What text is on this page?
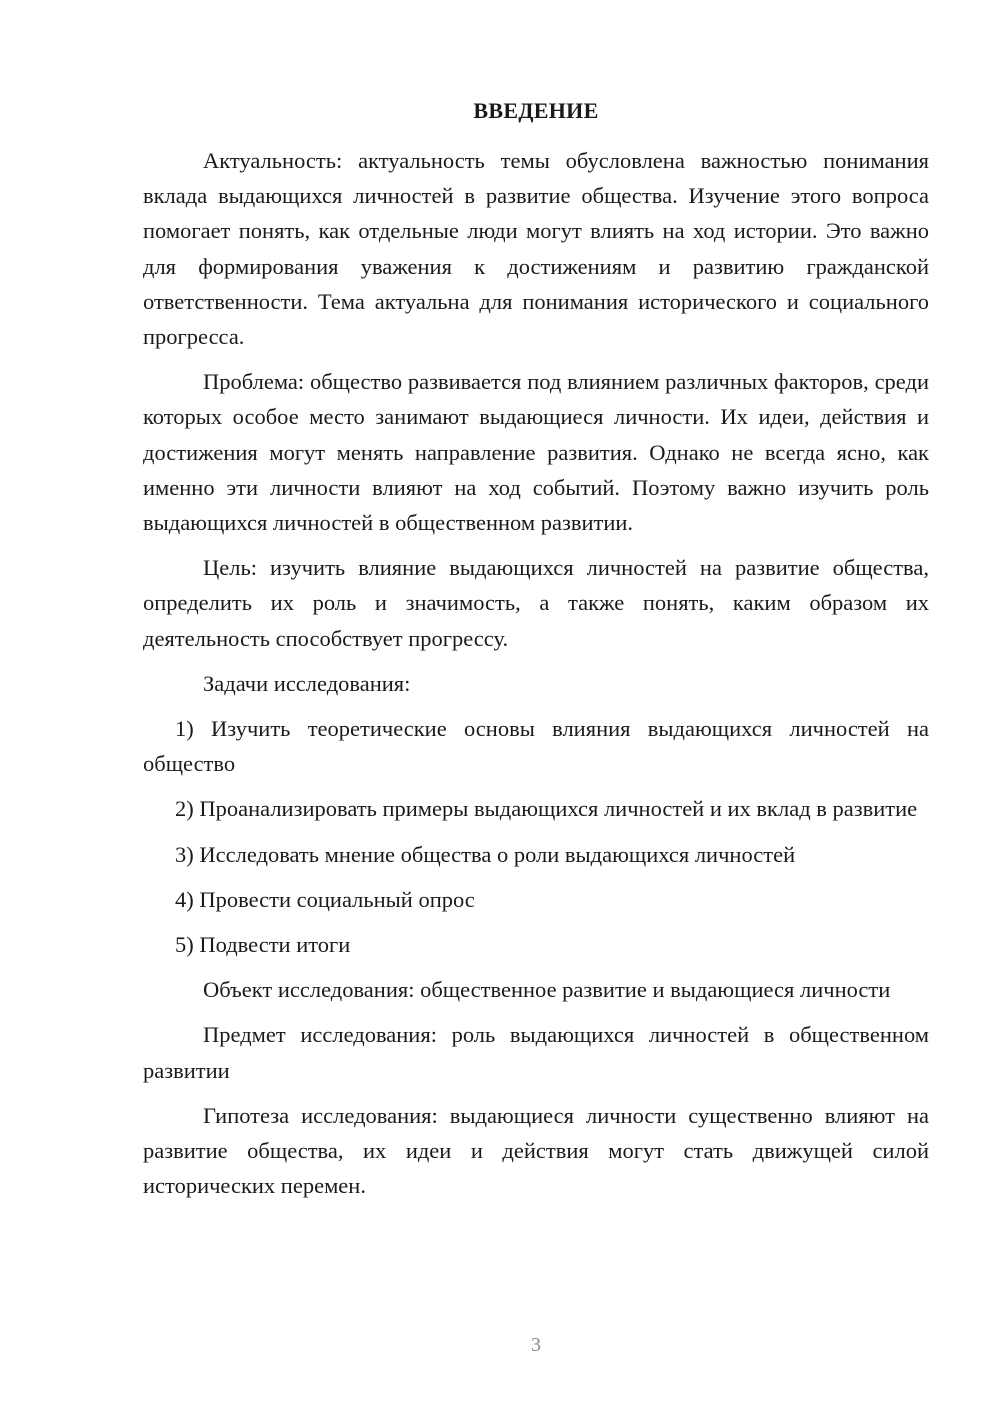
ВВЕДЕНИЕ

Актуальность: актуальность темы обусловлена важностью понимания вклада выдающихся личностей в развитие общества. Изучение этого вопроса помогает понять, как отдельные люди могут влиять на ход истории. Это важно для формирования уважения к достижениям и развитию гражданской ответственности. Тема актуальна для понимания исторического и социального прогресса.

Проблема: общество развивается под влиянием различных факторов, среди которых особое место занимают выдающиеся личности. Их идеи, действия и достижения могут менять направление развития. Однако не всегда ясно, как именно эти личности влияют на ход событий. Поэтому важно изучить роль выдающихся личностей в общественном развитии.

Цель: изучить влияние выдающихся личностей на развитие общества, определить их роль и значимость, а также понять, каким образом их деятельность способствует прогрессу.

Задачи исследования:

1) Изучить теоретические основы влияния выдающихся личностей на общество

2) Проанализировать примеры выдающихся личностей и их вклад в развитие

3) Исследовать мнение общества о роли выдающихся личностей

4) Провести социальный опрос

5) Подвести итоги

Объект исследования: общественное развитие и выдающиеся личности

Предмет исследования: роль выдающихся личностей в общественном развитии

Гипотеза исследования: выдающиеся личности существенно влияют на развитие общества, их идеи и действия могут стать движущей силой исторических перемен.

3
